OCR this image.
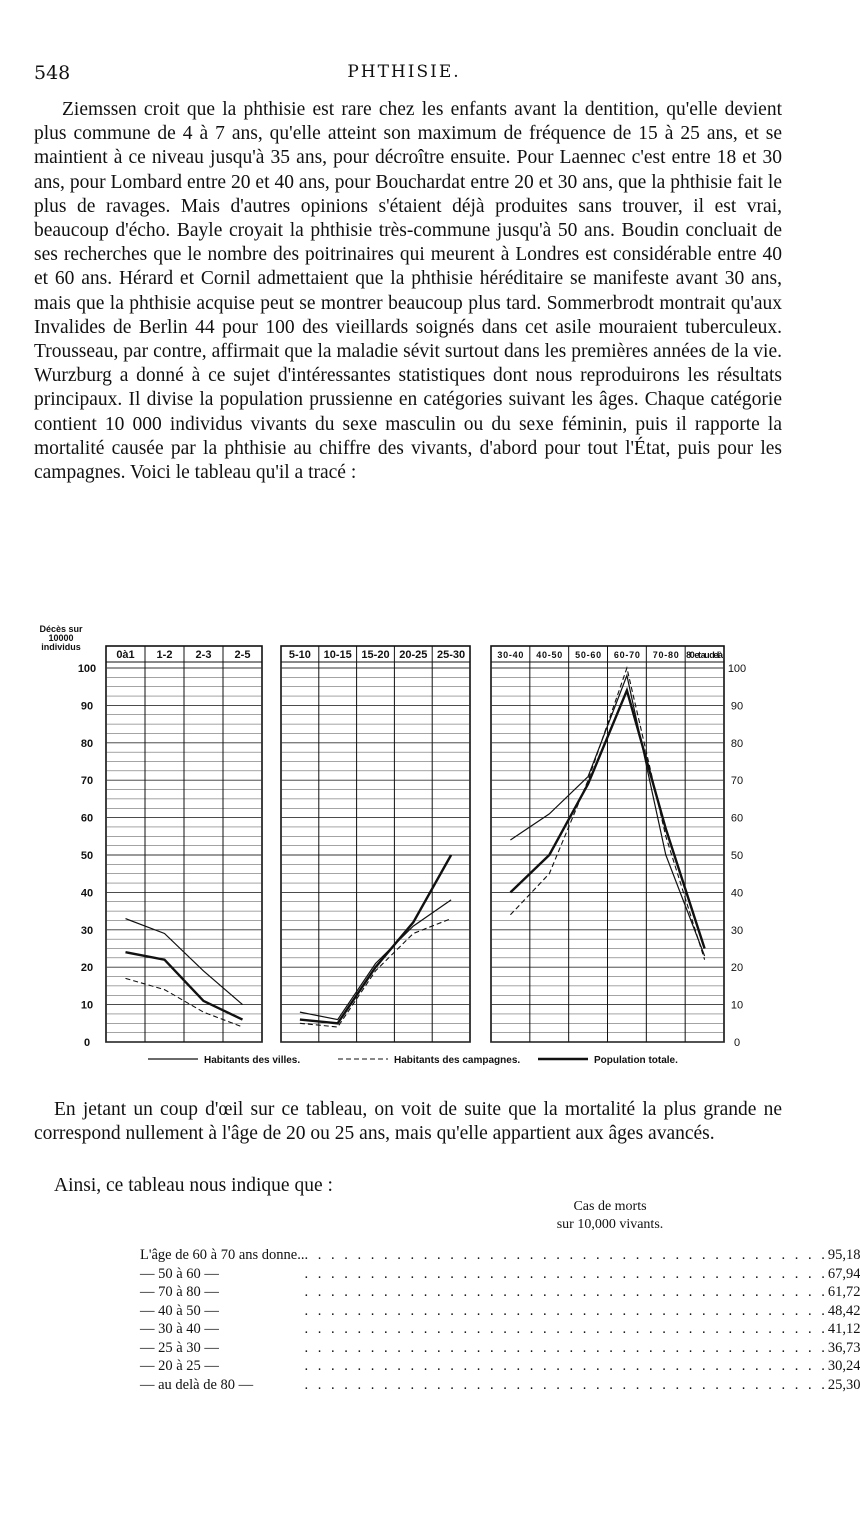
548	PHTHISIE.

Ziemssen croit que la phthisie est rare chez les enfants avant la dentition, qu'elle devient plus commune de 4 à 7 ans, qu'elle atteint son maximum de fréquence de 15 à 25 ans, et se maintient à ce niveau jusqu'à 35 ans, pour décroître ensuite. Pour Laennec c'est entre 18 et 30 ans, pour Lombard entre 20 et 40 ans, pour Bouchardat entre 20 et 30 ans, que la phthisie fait le plus de ravages. Mais d'autres opinions s'étaient déjà produites sans trouver, il est vrai, beaucoup d'écho. Bayle croyait la phthisie très-commune jusqu'à 50 ans. Boudin concluait de ses recherches que le nombre des poitrinaires qui meurent à Londres est considérable entre 40 et 60 ans. Hérard et Cornil admettaient que la phthisie héréditaire se manifeste avant 30 ans, mais que la phthisie acquise peut se montrer beaucoup plus tard. Sommerbrodt montrait qu'aux Invalides de Berlin 44 pour 100 des vieillards soignés dans cet asile mouraient tuberculeux. Trousseau, par contre, affirmait que la maladie sévit surtout dans les premières années de la vie. Wurzburg a donné à ce sujet d'intéressantes statistiques dont nous reproduirons les résultats principaux. Il divise la population prussienne en catégories suivant les âges. Chaque catégorie contient 10 000 individus vivants du sexe masculin ou du sexe féminin, puis il rapporte la mortalité causée par la phthisie au chiffre des vivants, d'abord pour tout l'État, puis pour les campagnes. Voici le tableau qu'il a tracé :

Décès sur
10000
individus
0	0
10	10
20	20
30	30
40	40
50	50
60	60
70	70
80	80
90	90
100	100
0à1 1-2 2-3 2-5	5-10 10-15 15-20 20-25 25-30	30-40 40-50 50-60 60-70 70-80 80 et au delà
Habitants des villes.	Habitants des campagnes.	Population totale.

En jetant un coup d'œil sur ce tableau, on voit de suite que la mortalité la plus grande ne correspond nullement à l'âge de 20 ou 25 ans, mais qu'elle appartient aux âges avancés.

Ainsi, ce tableau nous indique que :

Cas de morts
sur 10,000 vivants.
L'âge de 60 à 70 ans donne..	. . . . . . . . . . . . . . . . . . . . . . . . . . . . . . . . . . . . . . . .	95,18
— 50 à 60 —	. . . . . . . . . . . . . . . . . . . . . . . . . . . . . . . . . . . . . . . .	67,94
— 70 à 80 —	. . . . . . . . . . . . . . . . . . . . . . . . . . . . . . . . . . . . . . . .	61,72
— 40 à 50 —	. . . . . . . . . . . . . . . . . . . . . . . . . . . . . . . . . . . . . . . .	48,42
— 30 à 40 —	. . . . . . . . . . . . . . . . . . . . . . . . . . . . . . . . . . . . . . . .	41,12
— 25 à 30 —	. . . . . . . . . . . . . . . . . . . . . . . . . . . . . . . . . . . . . . . .	36,73
— 20 à 25 —	. . . . . . . . . . . . . . . . . . . . . . . . . . . . . . . . . . . . . . . .	30,24
— au delà de 80 —	. . . . . . . . . . . . . . . . . . . . . . . . . . . . . . . . . . . . . . . .	25,30
